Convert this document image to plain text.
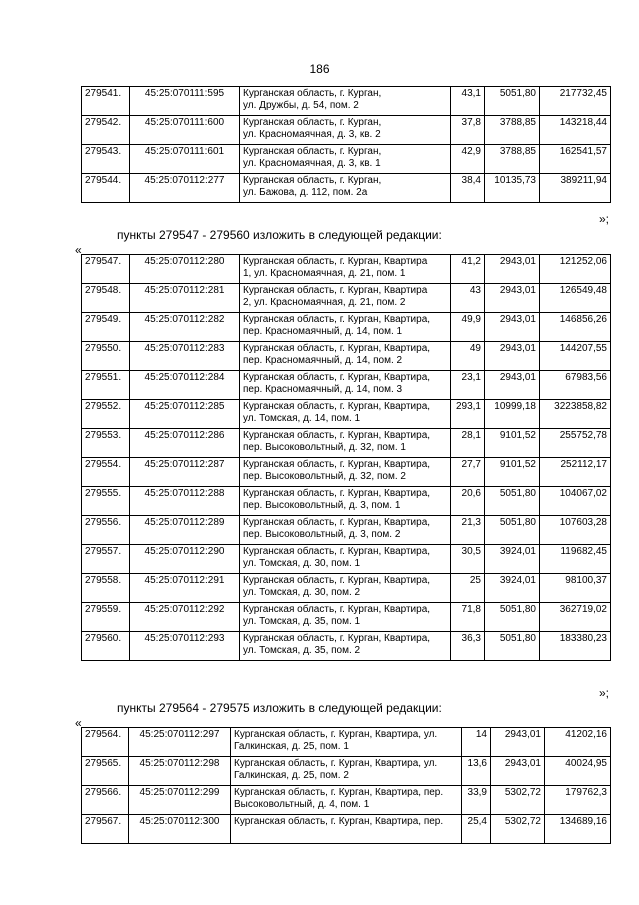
186
279541.	45:25:070111:595	Курганская область, г. Курган,
ул. Дружбы, д. 54, пом. 2	43,1	5051,80	217732,45
279542.	45:25:070111:600	Курганская область, г. Курган,
ул. Красномаячная, д. 3, кв. 2	37,8	3788,85	143218,44
279543.	45:25:070111:601	Курганская область, г. Курган,
ул. Красномаячная, д. 3, кв. 1	42,9	3788,85	162541,57
279544.	45:25:070112:277	Курганская область, г. Курган,
ул. Бажова, д. 112, пом. 2а	38,4	10135,73	389211,94
»;
пункты 279547 - 279560 изложить в следующей редакции:
«
279547.	45:25:070112:280	Курганская область, г. Курган, Квартира
1, ул. Красномаячная, д. 21, пом. 1	41,2	2943,01	121252,06
279548.	45:25:070112:281	Курганская область, г. Курган, Квартира
2, ул. Красномаячная, д. 21, пом. 2	43	2943,01	126549,48
279549.	45:25:070112:282	Курганская область, г. Курган, Квартира,
пер. Красномаячный, д. 14, пом. 1	49,9	2943,01	146856,26
279550.	45:25:070112:283	Курганская область, г. Курган, Квартира,
пер. Красномаячный, д. 14, пом. 2	49	2943,01	144207,55
279551.	45:25:070112:284	Курганская область, г. Курган, Квартира,
пер. Красномаячный, д. 14, пом. 3	23,1	2943,01	67983,56
279552.	45:25:070112:285	Курганская область, г. Курган, Квартира,
ул. Томская, д. 14, пом. 1	293,1	10999,18	3223858,82
279553.	45:25:070112:286	Курганская область, г. Курган, Квартира,
пер. Высоковольтный, д. 32, пом. 1	28,1	9101,52	255752,78
279554.	45:25:070112:287	Курганская область, г. Курган, Квартира,
пер. Высоковольтный, д. 32, пом. 2	27,7	9101,52	252112,17
279555.	45:25:070112:288	Курганская область, г. Курган, Квартира,
пер. Высоковольтный, д. 3, пом. 1	20,6	5051,80	104067,02
279556.	45:25:070112:289	Курганская область, г. Курган, Квартира,
пер. Высоковольтный, д. 3, пом. 2	21,3	5051,80	107603,28
279557.	45:25:070112:290	Курганская область, г. Курган, Квартира,
ул. Томская, д. 30, пом. 1	30,5	3924,01	119682,45
279558.	45:25:070112:291	Курганская область, г. Курган, Квартира,
ул. Томская, д. 30, пом. 2	25	3924,01	98100,37
279559.	45:25:070112:292	Курганская область, г. Курган, Квартира,
ул. Томская, д. 35, пом. 1	71,8	5051,80	362719,02
279560.	45:25:070112:293	Курганская область, г. Курган, Квартира,
ул. Томская, д. 35, пом. 2	36,3	5051,80	183380,23
»;
пункты 279564 - 279575 изложить в следующей редакции:
«
279564.	45:25:070112:297	Курганская область, г. Курган, Квартира, ул.
Галкинская, д. 25, пом. 1	14	2943,01	41202,16
279565.	45:25:070112:298	Курганская область, г. Курган, Квартира, ул.
Галкинская, д. 25, пом. 2	13,6	2943,01	40024,95
279566.	45:25:070112:299	Курганская область, г. Курган, Квартира, пер.
Высоковольтный, д. 4, пом. 1	33,9	5302,72	179762,3
279567.	45:25:070112:300	Курганская область, г. Курган, Квартира, пер.	25,4	5302,72	134689,16
